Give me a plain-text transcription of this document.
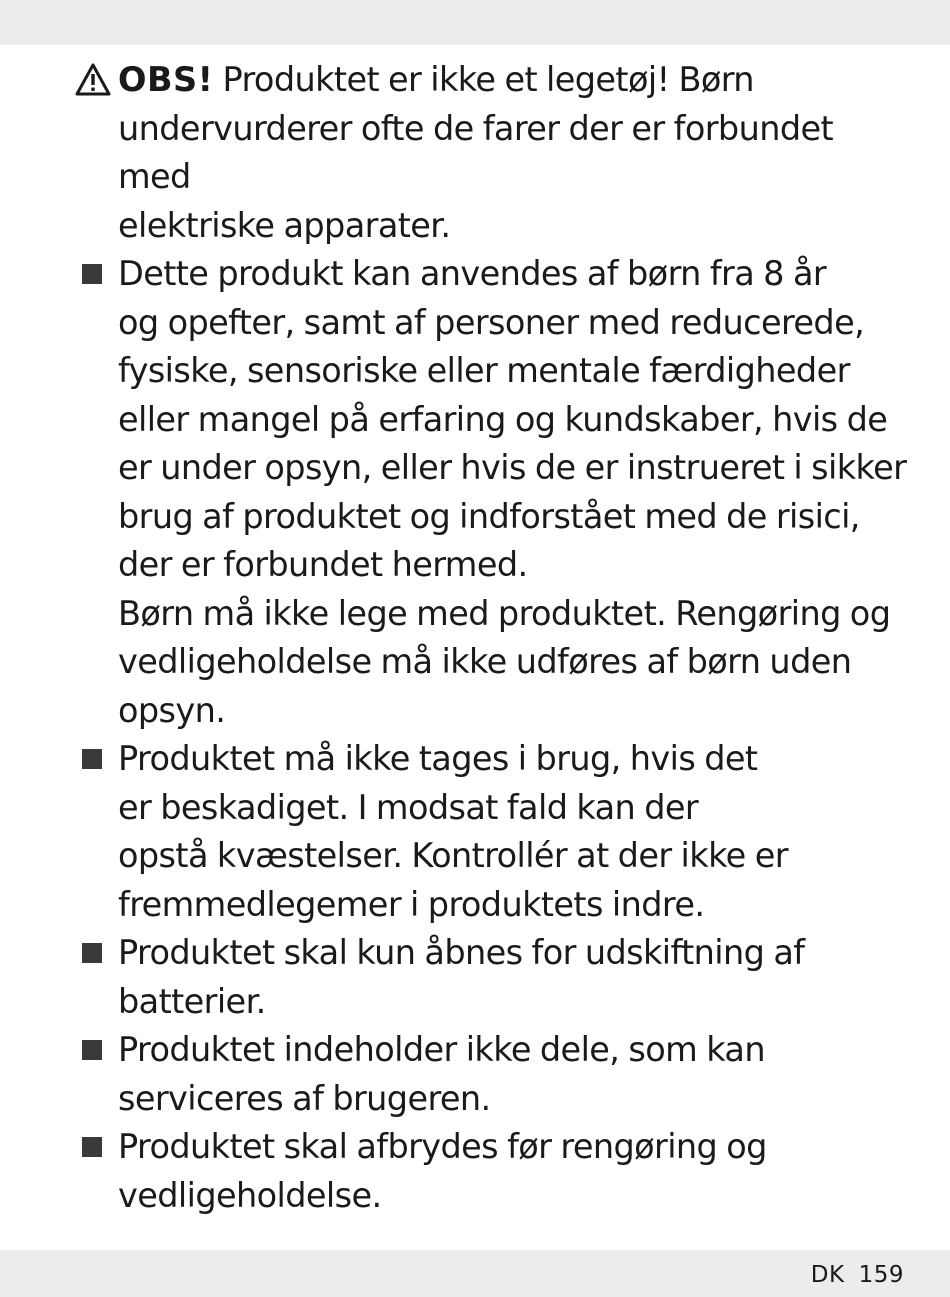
OBS! Produktet er ikke et legetøj! Børn
undervurderer ofte de farer der er forbundet med
elektriske apparater.

Dette produkt kan anvendes af børn fra 8 år
og opefter, samt af personer med reducerede,
fysiske, sensoriske eller mentale færdigheder
eller mangel på erfaring og kundskaber, hvis de
er under opsyn, eller hvis de er instrueret i sikker
brug af produktet og indforstået med de risici,
der er forbundet hermed.

Børn må ikke lege med produktet. Rengøring og
vedligeholdelse må ikke udføres af børn uden
opsyn.

Produktet må ikke tages i brug, hvis det
er beskadiget. I modsat fald kan der
opstå kvæstelser. Kontrollér at der ikke er
fremmedlegemer i produktets indre.

Produktet skal kun åbnes for udskiftning af
batterier.

Produktet indeholder ikke dele, som kan
serviceres af brugeren.

Produktet skal afbrydes før rengøring og
vedligeholdelse.

DK 159
